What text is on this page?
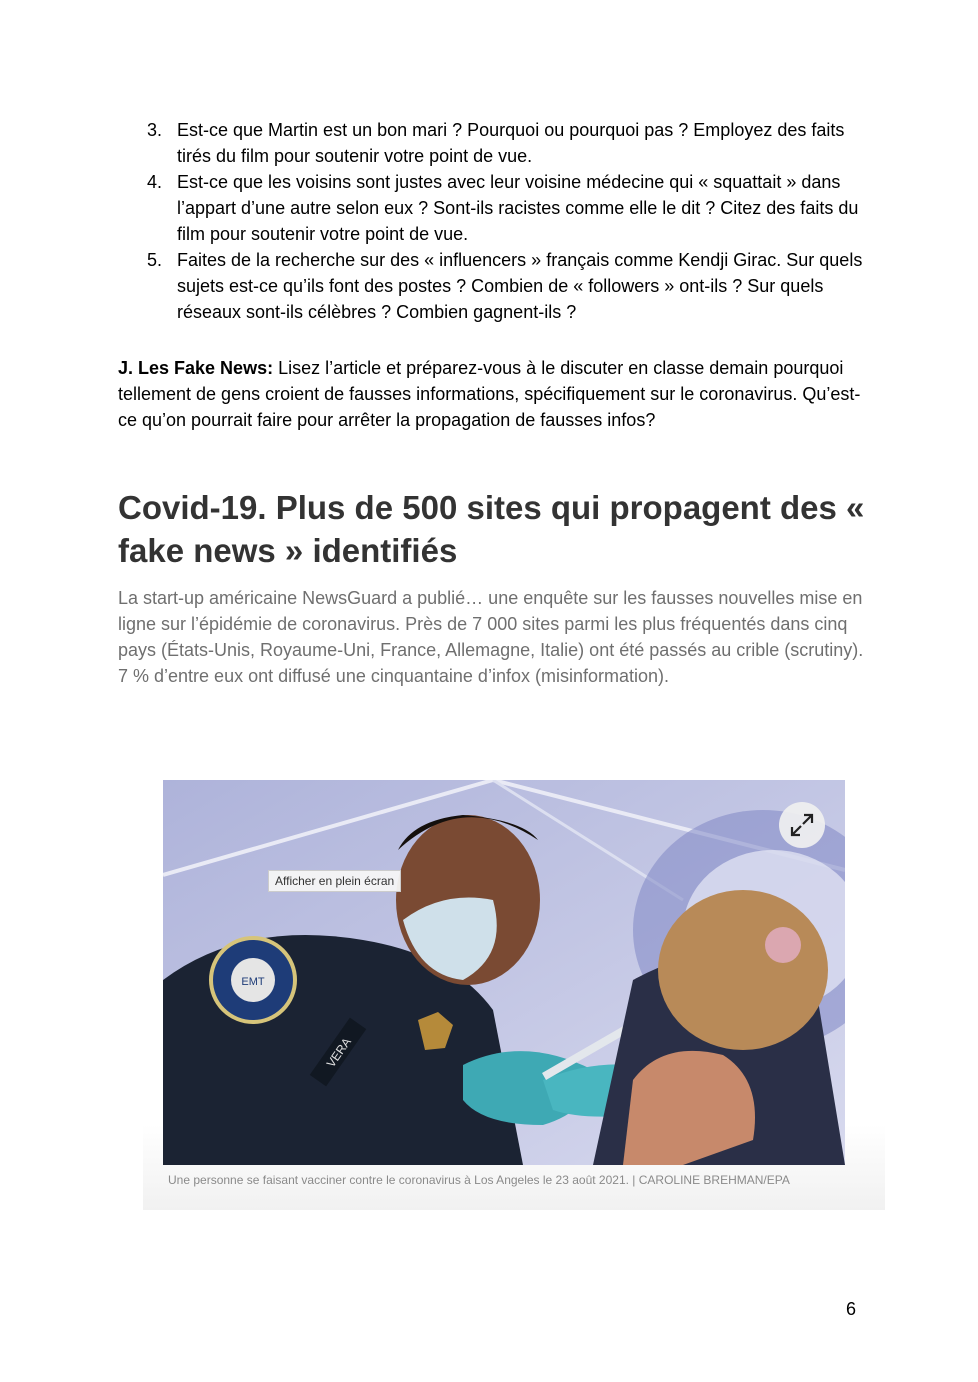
3. Est-ce que Martin est un bon mari ? Pourquoi ou pourquoi pas ? Employez des faits tirés du film pour soutenir votre point de vue.
4. Est-ce que les voisins sont justes avec leur voisine médecine qui « squattait » dans l’appart d’une autre selon eux ? Sont-ils racistes comme elle le dit ? Citez des faits du film pour soutenir votre point de vue.
5. Faites de la recherche sur des « influencers » français comme Kendji Girac. Sur quels sujets est-ce qu’ils font des postes ? Combien de « followers » ont-ils ? Sur quels réseaux sont-ils célèbres ? Combien gagnent-ils ?

J. Les Fake News: Lisez l’article et préparez-vous à le discuter en classe demain pourquoi tellement de gens croient de fausses informations, spécifiquement sur le coronavirus. Qu’est-ce qu’on pourrait faire pour arrêter la propagation de fausses infos?

Covid-19. Plus de 500 sites qui propagent des « fake news » identifiés

La start-up américaine NewsGuard a publié… une enquête sur les fausses nouvelles mise en ligne sur l’épidémie de coronavirus. Près de 7 000 sites parmi les plus fréquentés dans cinq pays (États-Unis, Royaume-Uni, France, Allemagne, Italie) ont été passés au crible (scrutiny). 7 % d’entre eux ont diffusé une cinquantaine d’infox (misinformation).

EMT
VERA
Afficher en plein écran

Une personne se faisant vacciner contre le coronavirus à Los Angeles le 23 août 2021. | CAROLINE BREHMAN/EPA

6
